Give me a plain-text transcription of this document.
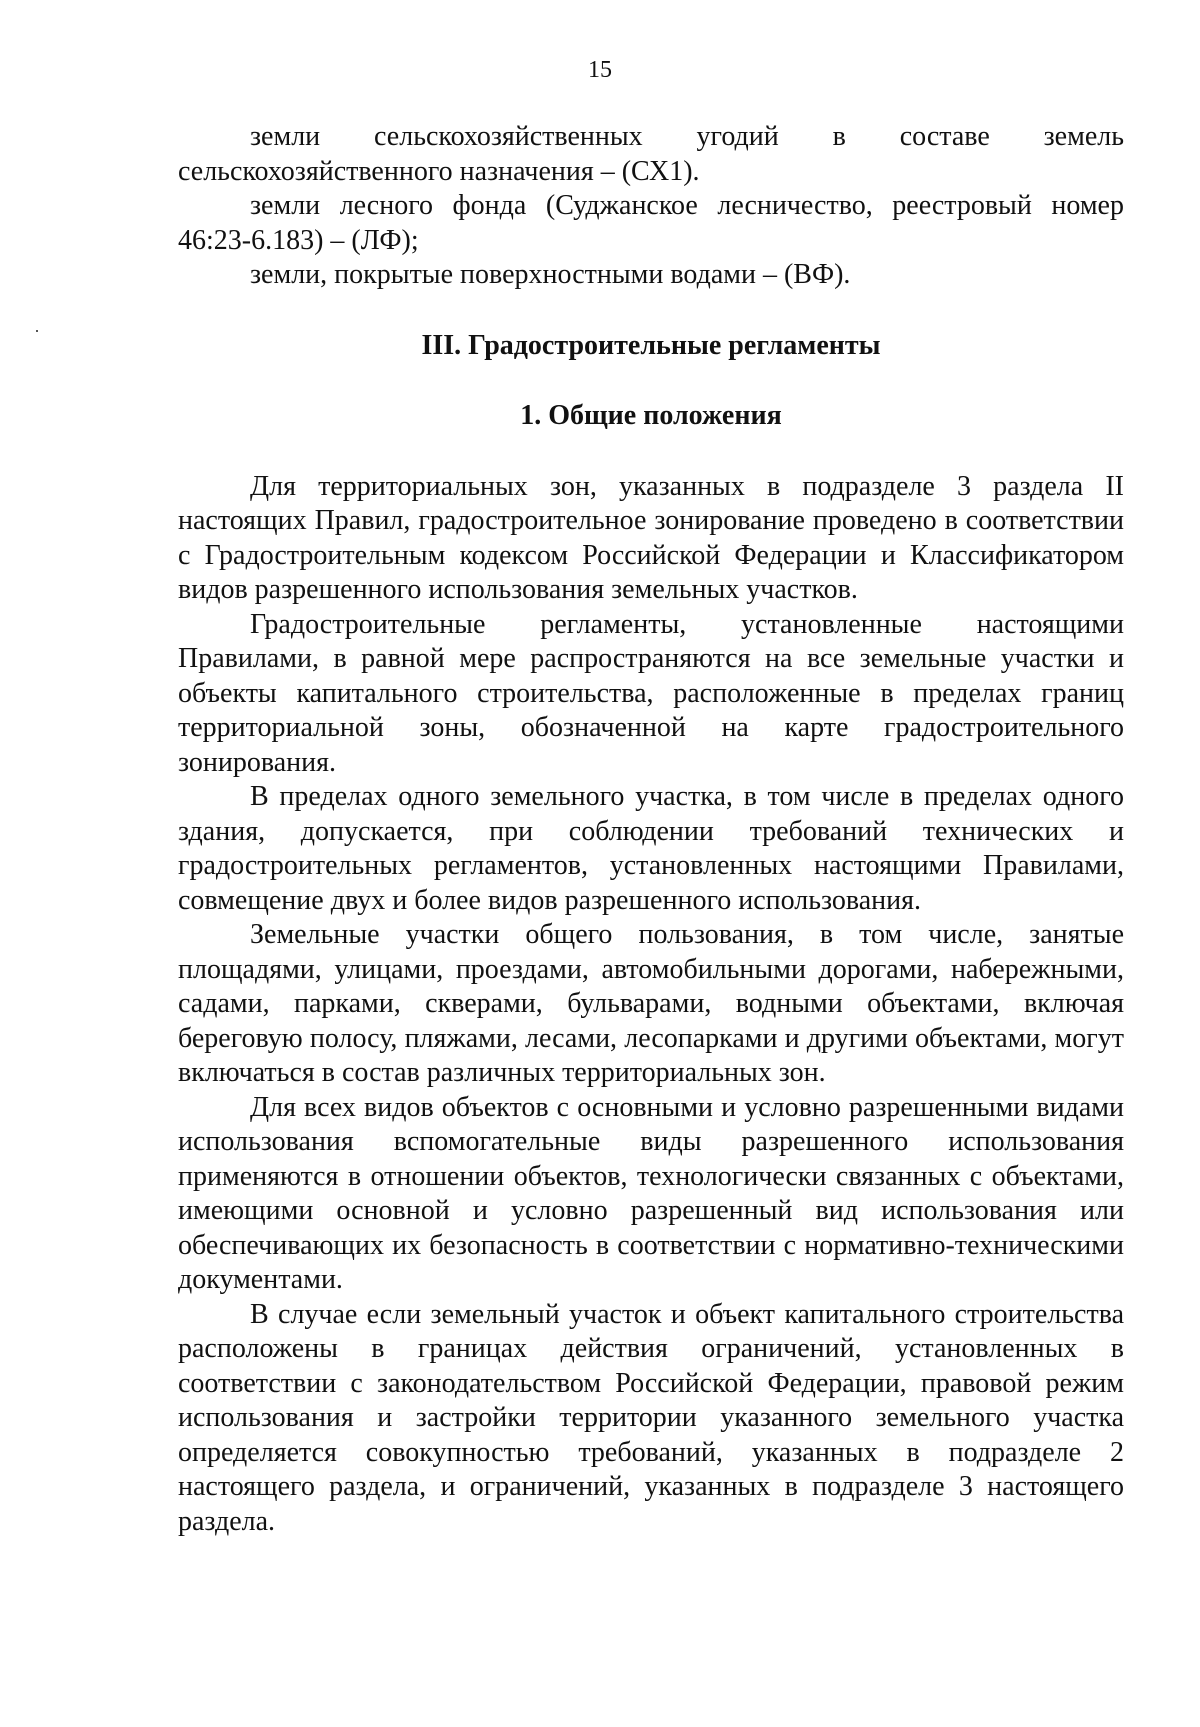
15

земли сельскохозяйственных угодий в составе земель сельскохозяйственного назначения – (СХ1).

земли лесного фонда (Суджанское лесничество, реестровый номер 46:23-6.183) – (ЛФ);

земли, покрытые поверхностными водами – (ВФ).

III. Градостроительные регламенты

1. Общие положения

Для территориальных зон, указанных в подразделе 3 раздела II настоящих Правил, градостроительное зонирование проведено в соответствии с Градостроительным кодексом Российской Федерации и Классификатором видов разрешенного использования земельных участков.

Градостроительные регламенты, установленные настоящими Правилами, в равной мере распространяются на все земельные участки и объекты капитального строительства, расположенные в пределах границ территориальной зоны, обозначенной на карте градостроительного зонирования.

В пределах одного земельного участка, в том числе в пределах одного здания, допускается, при соблюдении требований технических и градостроительных регламентов, установленных настоящими Правилами, совмещение двух и более видов разрешенного использования.

Земельные участки общего пользования, в том числе, занятые площадями, улицами, проездами, автомобильными дорогами, набережными, садами, парками, скверами, бульварами, водными объектами, включая береговую полосу, пляжами, лесами, лесопарками и другими объектами, могут включаться в состав различных территориальных зон.

Для всех видов объектов с основными и условно разрешенными видами использования вспомогательные виды разрешенного использования применяются в отношении объектов, технологически связанных с объектами, имеющими основной и условно разрешенный вид использования или обеспечивающих их безопасность в соответствии с нормативно-техническими документами.

В случае если земельный участок и объект капитального строительства расположены в границах действия ограничений, установленных в соответствии с законодательством Российской Федерации, правовой режим использования и застройки территории указанного земельного участка определяется совокупностью требований, указанных в подразделе 2 настоящего раздела, и ограничений, указанных в подразделе 3 настоящего раздела.
